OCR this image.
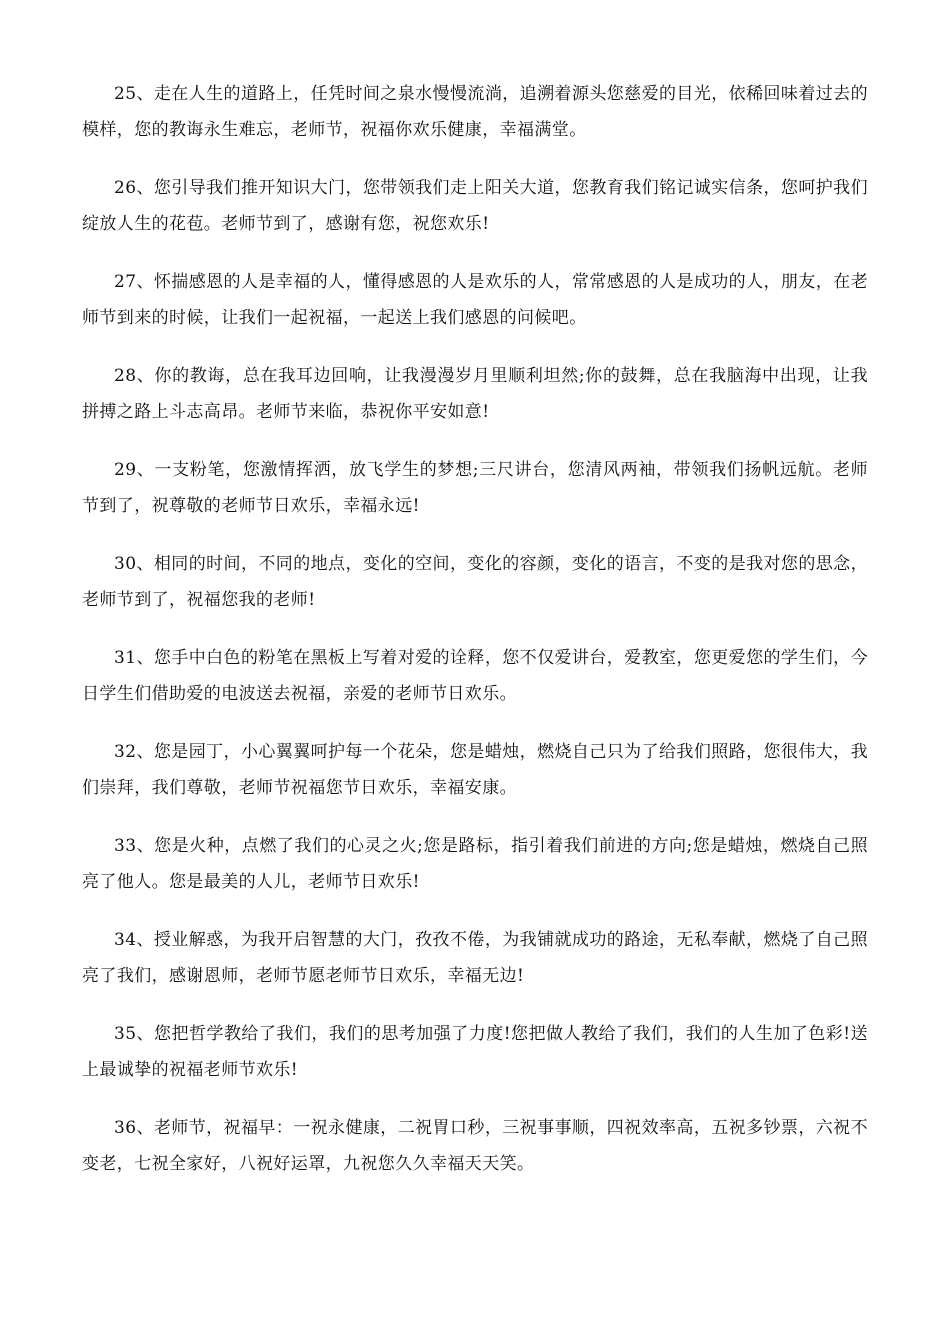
25、走在人生的道路上，任凭时间之泉水慢慢流淌，追溯着源头您慈爱的目光，依稀回味着过去的模样，您的教诲永生难忘，老师节，祝福你欢乐健康，幸福满堂。

26、您引导我们推开知识大门，您带领我们走上阳关大道，您教育我们铭记诚实信条，您呵护我们绽放人生的花苞。老师节到了，感谢有您，祝您欢乐!

27、怀揣感恩的人是幸福的人，懂得感恩的人是欢乐的人，常常感恩的人是成功的人，朋友，在老师节到来的时候，让我们一起祝福，一起送上我们感恩的问候吧。

28、你的教诲，总在我耳边回响，让我漫漫岁月里顺利坦然;你的鼓舞，总在我脑海中出现，让我拼搏之路上斗志高昂。老师节来临，恭祝你平安如意!

29、一支粉笔，您激情挥洒，放飞学生的梦想;三尺讲台，您清风两袖，带领我们扬帆远航。老师节到了，祝尊敬的老师节日欢乐，幸福永远!

30、相同的时间，不同的地点，变化的空间，变化的容颜，变化的语言，不变的是我对您的思念，老师节到了，祝福您我的老师!

31、您手中白色的粉笔在黑板上写着对爱的诠释，您不仅爱讲台，爱教室，您更爱您的学生们，今日学生们借助爱的电波送去祝福，亲爱的老师节日欢乐。

32、您是园丁，小心翼翼呵护每一个花朵，您是蜡烛，燃烧自己只为了给我们照路，您很伟大，我们崇拜，我们尊敬，老师节祝福您节日欢乐，幸福安康。

33、您是火种，点燃了我们的心灵之火;您是路标，指引着我们前进的方向;您是蜡烛，燃烧自己照亮了他人。您是最美的人儿，老师节日欢乐!

34、授业解惑，为我开启智慧的大门，孜孜不倦，为我铺就成功的路途，无私奉献，燃烧了自己照亮了我们，感谢恩师，老师节愿老师节日欢乐，幸福无边!

35、您把哲学教给了我们，我们的思考加强了力度!您把做人教给了我们，我们的人生加了色彩!送上最诚挚的祝福老师节欢乐!

36、老师节，祝福早：一祝永健康，二祝胃口秒，三祝事事顺，四祝效率高，五祝多钞票，六祝不变老，七祝全家好，八祝好运罩，九祝您久久幸福天天笑。
